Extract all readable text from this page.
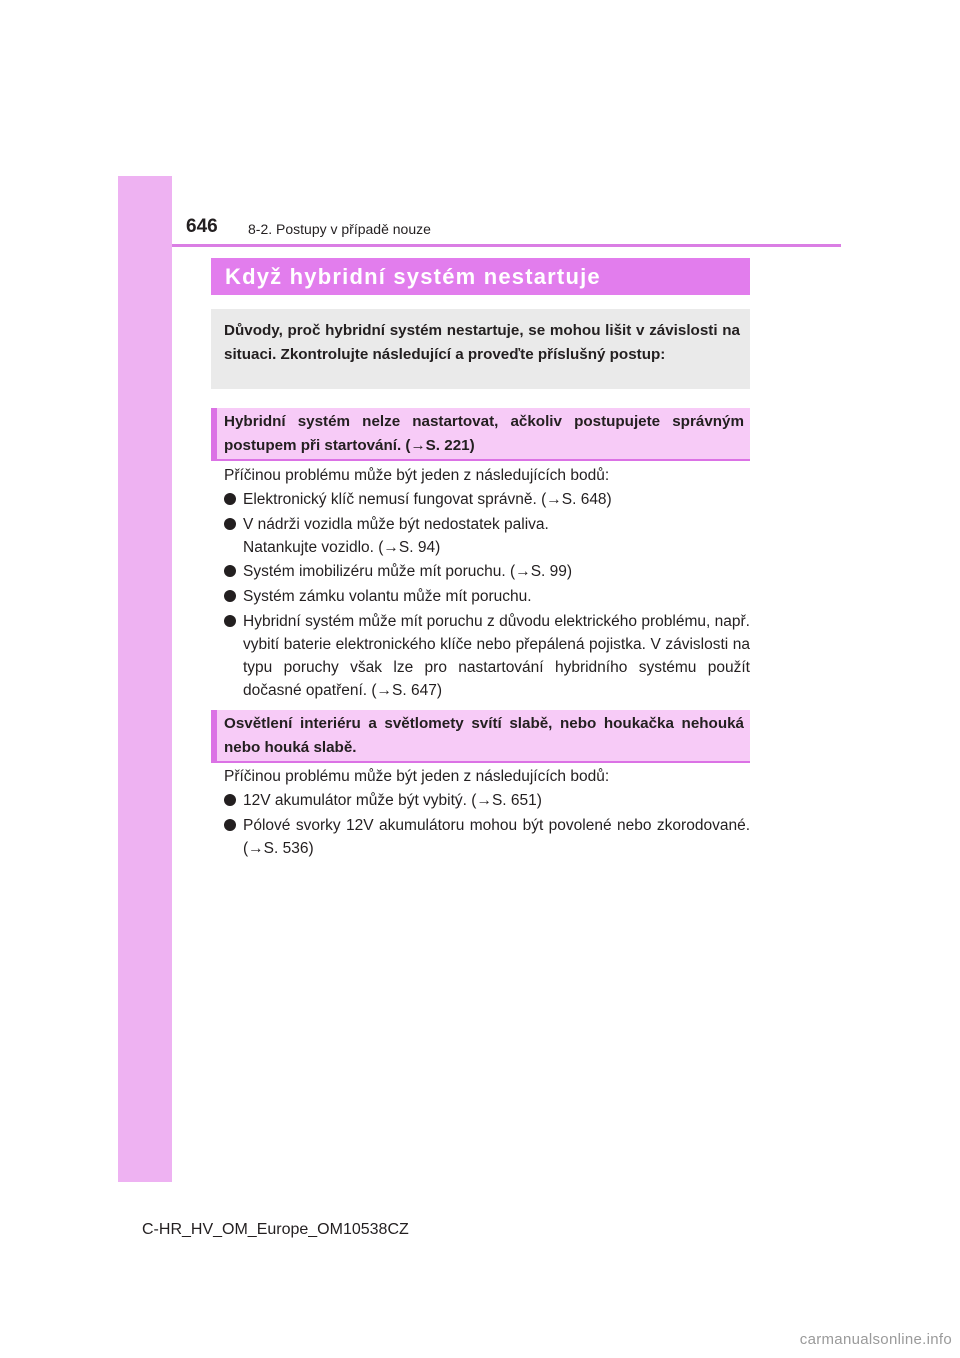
646 8-2. Postupy v případě nouze
Když hybridní systém nestartuje
Důvody, proč hybridní systém nestartuje, se mohou lišit v závislosti na situaci. Zkontrolujte následující a proveďte příslušný postup:
Hybridní systém nelze nastartovat, ačkoliv postupujete správným postupem při startování. (→S. 221)
Příčinou problému může být jeden z následujících bodů:
Elektronický klíč nemusí fungovat správně. (→S. 648)
V nádrži vozidla může být nedostatek paliva.
Natankujte vozidlo. (→S. 94)
Systém imobilizéru může mít poruchu. (→S. 99)
Systém zámku volantu může mít poruchu.
Hybridní systém může mít poruchu z důvodu elektrického problému, např. vybití baterie elektronického klíče nebo přepálená pojistka. V závislosti na typu poruchy však lze pro nastartování hybridního systému použít dočasné opatření. (→S. 647)
Osvětlení interiéru a světlomety svítí slabě, nebo houkačka nehouká nebo houká slabě.
Příčinou problému může být jeden z následujících bodů:
12V akumulátor může být vybitý. (→S. 651)
Pólové svorky 12V akumulátoru mohou být povolené nebo zkorodované. (→S. 536)
C-HR_HV_OM_Europe_OM10538CZ
carmanualsonline.info
